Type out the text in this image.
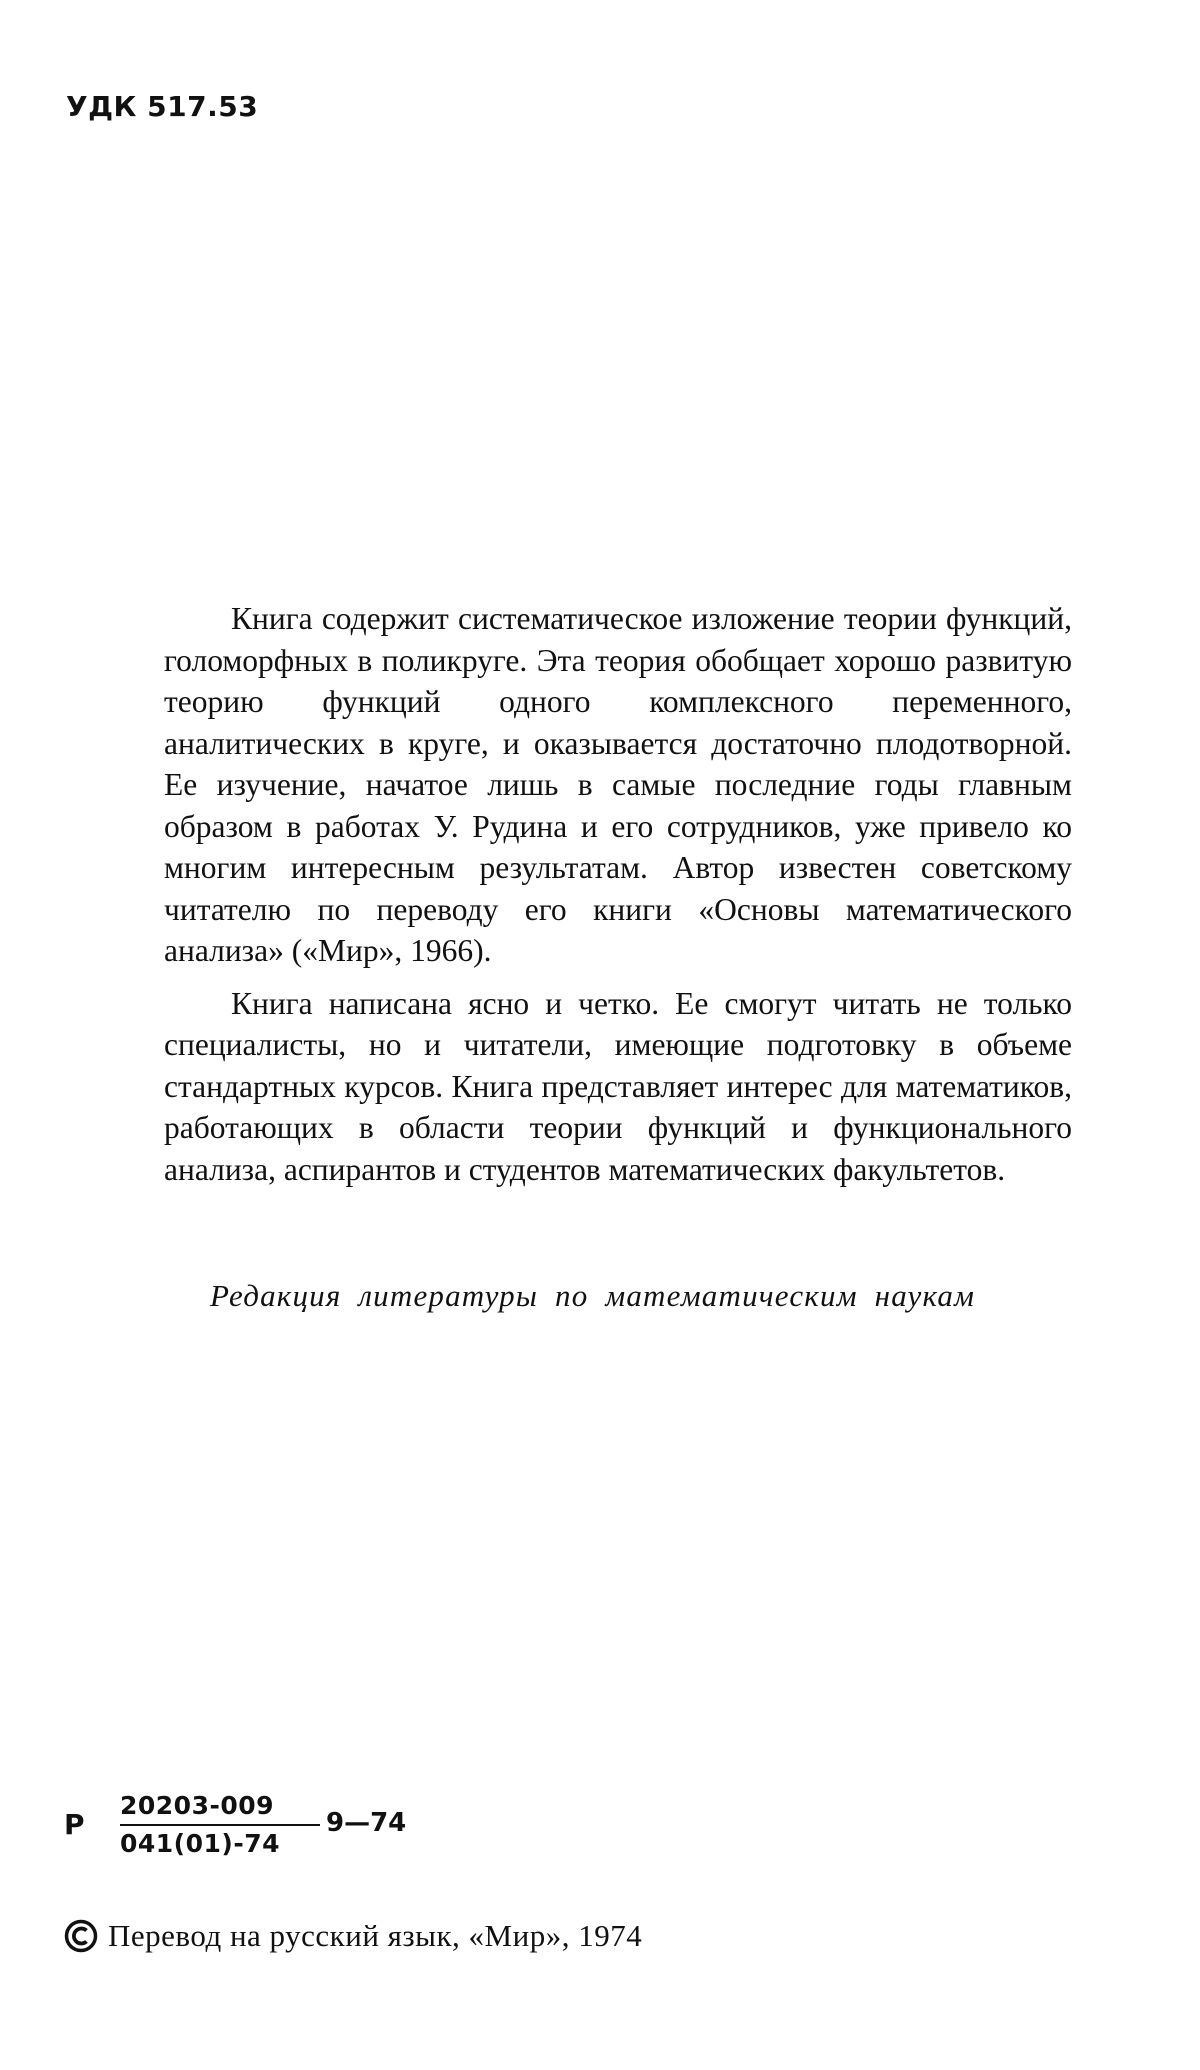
УДК 517.53

Книга содержит систематическое изложение теории функций, голоморфных в поликруге. Эта теория обобщает хорошо развитую теорию функций одного комплексного переменного, аналитических в круге, и оказывается достаточно плодотворной. Ее изучение, начатое лишь в самые последние годы главным образом в работах У. Рудина и его сотрудников, уже привело ко многим интересным результатам. Автор известен советскому читателю по переводу его книги «Основы математического анализа» («Мир», 1966).

Книга написана ясно и четко. Ее смогут читать не только специалисты, но и читатели, имеющие подготовку в объеме стандартных курсов. Книга представляет интерес для математиков, работающих в области теории функций и функционального анализа, аспирантов и студентов математических факультетов.

Редакция литературы по математическим наукам
Р
20203-009
041(01)-74
9—74
Перевод на русский язык, «Мир», 1974
